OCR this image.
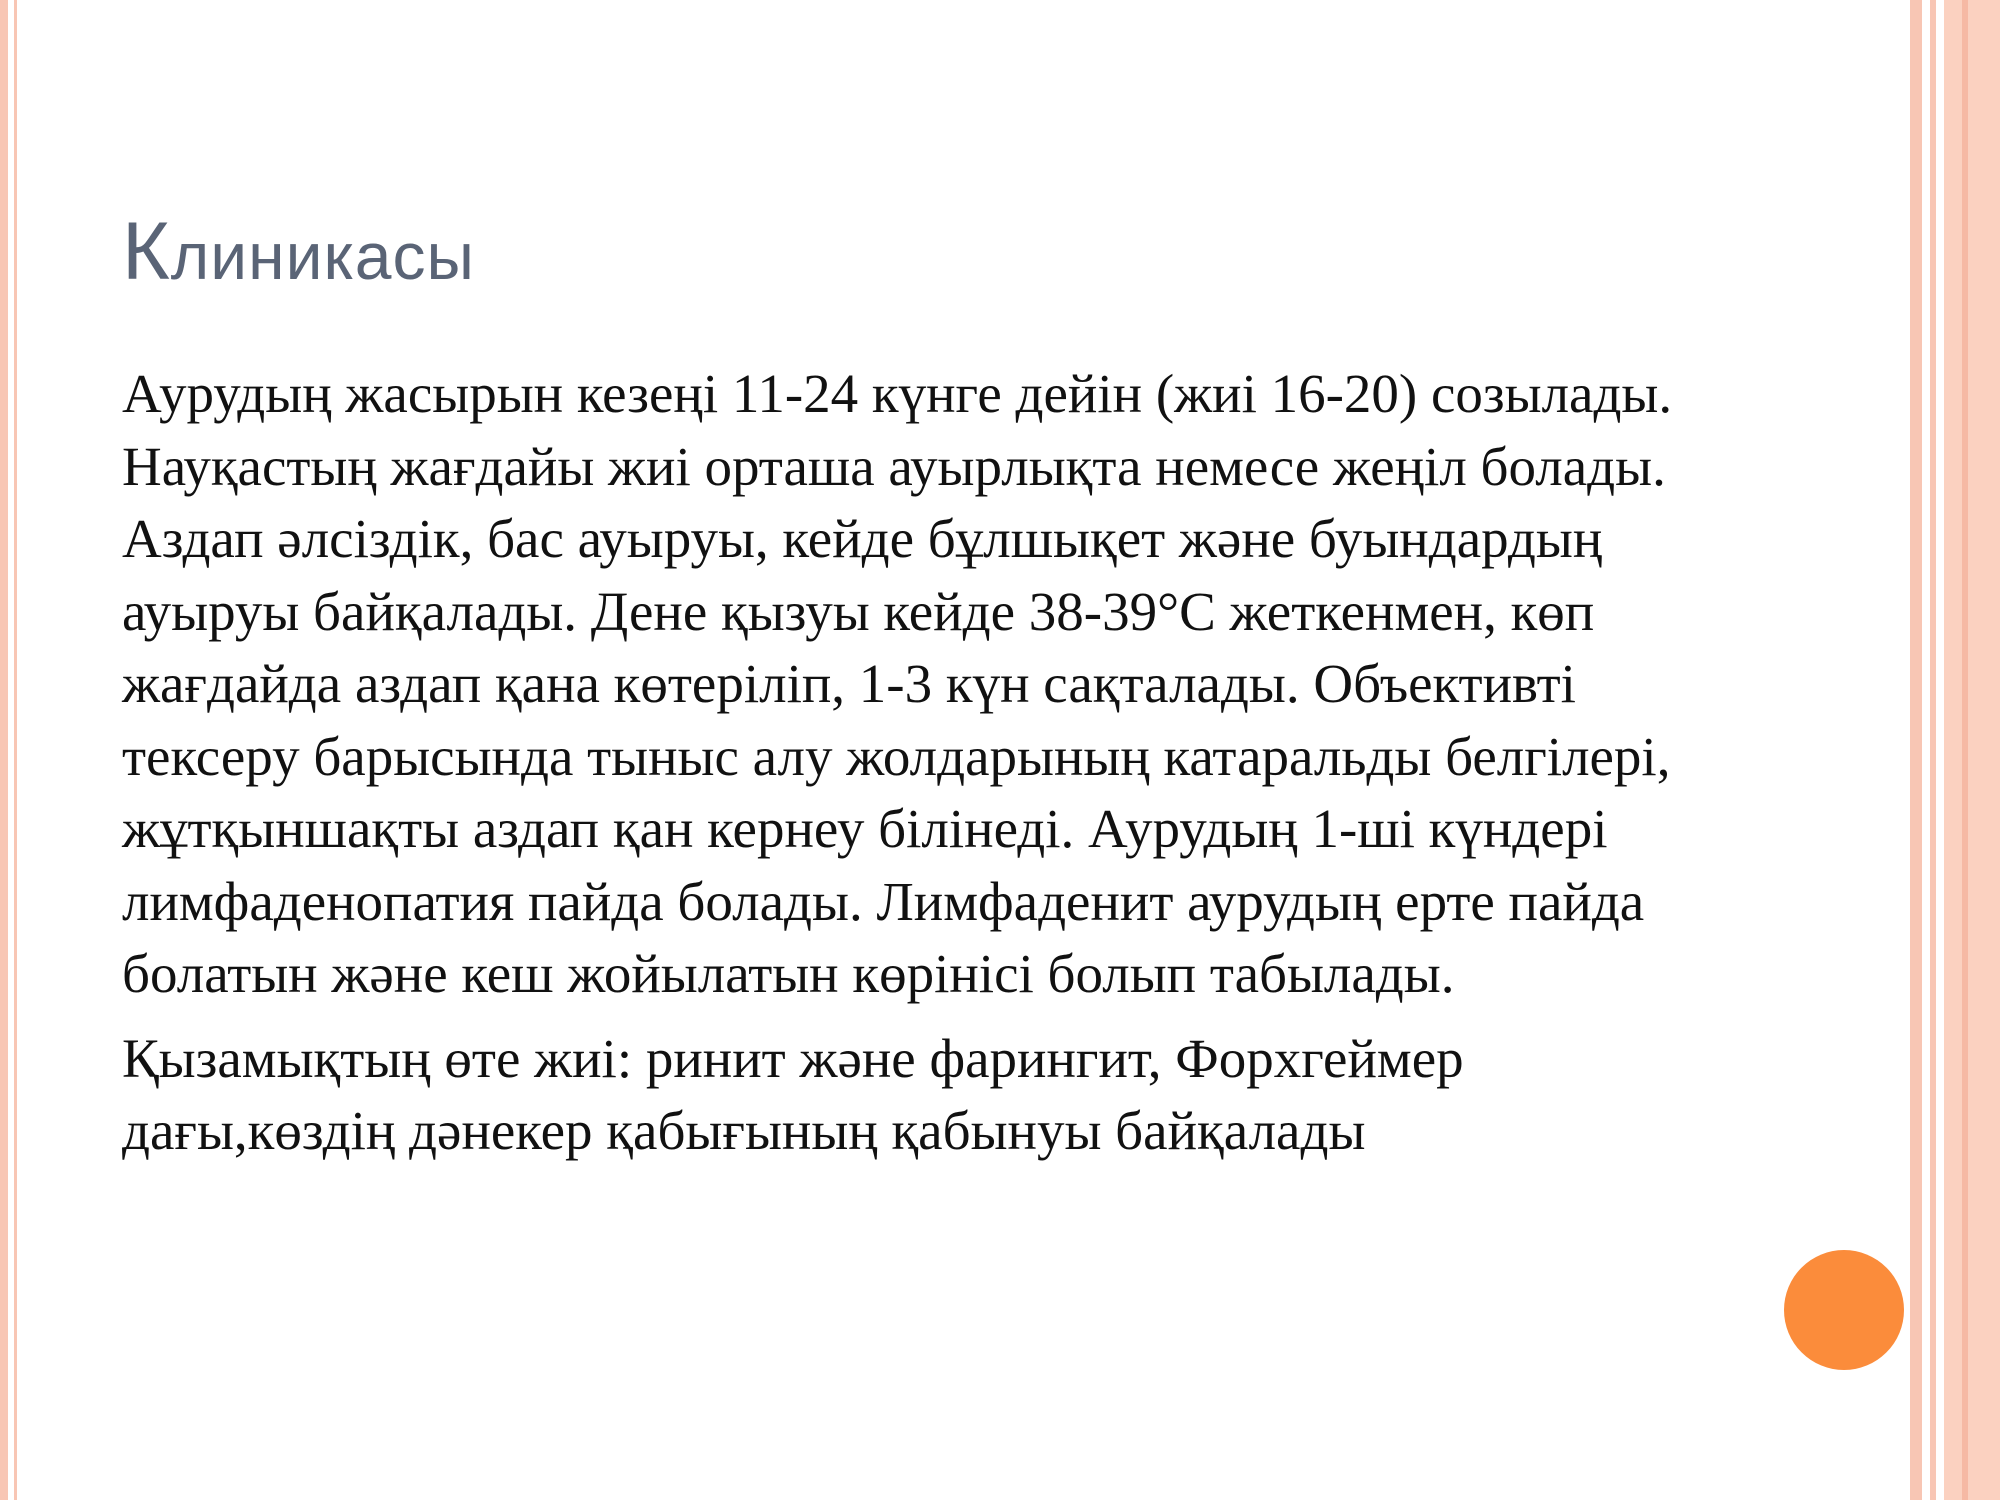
Клиникасы

Аурудың жасырын кезеңі 11-24 күнге дейін (жиі 16-20) созылады. Науқастың жағдайы жиі орташа ауырлықта немесе жеңіл болады. Аздап әлсіздік, бас ауыруы, кейде бұлшықет және буындардың ауыруы байқалады. Дене қызуы кейде 38-39°С жеткенмен, көп жағдайда аздап қана көтеріліп, 1-3 күн сақталады. Объективті тексеру барысында тыныс алу жолдарының катаральды белгілері, жұтқыншақты аздап қан кернеу білінеді. Аурудың 1-ші күндері лимфаденопатия пайда болады. Лимфаденит аурудың ерте пайда болатын және кеш жойылатын көрінісі болып табылады.

Қызамықтың өте жиі: ринит және фарингит, Форхгеймер дағы,көздің дәнекер қабығының қабынуы байқалады
